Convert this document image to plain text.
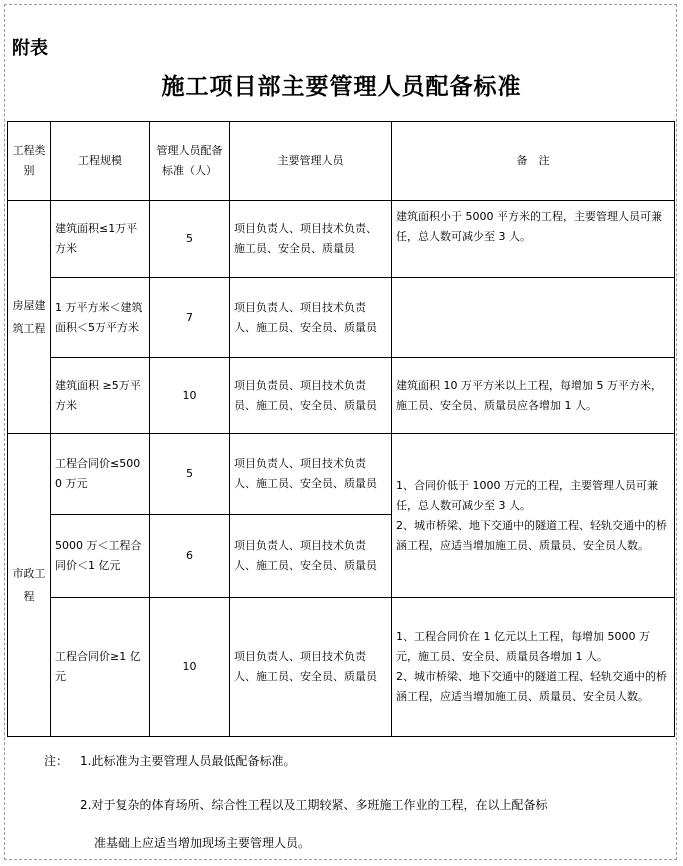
附表
施工项目部主要管理人员配备标准
工程类别	工程规模	管理人员配备标准（人）	主要管理人员	备　注
房屋建筑工程	建筑面积≤1万平方米	5	项目负责人、项目技术负责、施工员、安全员、质量员	建筑面积小于 5000 平方米的工程，主要管理人员可兼任，总人数可减少至 3 人。
	1 万平方米＜建筑面积＜5万平方米	7	项目负责人、项目技术负责人、施工员、安全员、质量员	
	建筑面积 ≥5万平方米	10	项目负责员、项目技术负责员、施工员、安全员、质量员	建筑面积 10 万平方米以上工程，每增加 5 万平方米，施工员、安全员、质量员应各增加 1 人。
市政工程	工程合同价≤5000 万元	5	项目负责人、项目技术负责人、施工员、安全员、质量员	1、合同价低于 1000 万元的工程，主要管理人员可兼任，总人数可减少至 3 人。
2、城市桥梁、地下交通中的隧道工程、轻轨交通中的桥涵工程，应适当增加施工员、质量员、安全员人数。
	5000 万＜工程合同价＜1 亿元	6	项目负责人、项目技术负责人、施工员、安全员、质量员	
	工程合同价≥1 亿元	10	项目负责人、项目技术负责人、施工员、安全员、质量员	1、工程合同价在 1 亿元以上工程，每增加 5000 万元，施工员、安全员、质量员各增加 1 人。
2、城市桥梁、地下交通中的隧道工程、轻轨交通中的桥涵工程，应适当增加施工员、质量员、安全员人数。
注： 1.此标准为主要管理人员最低配备标准。
2.对于复杂的体育场所、综合性工程以及工期较紧、多班施工作业的工程，在以上配备标
准基础上应适当增加现场主要管理人员。
